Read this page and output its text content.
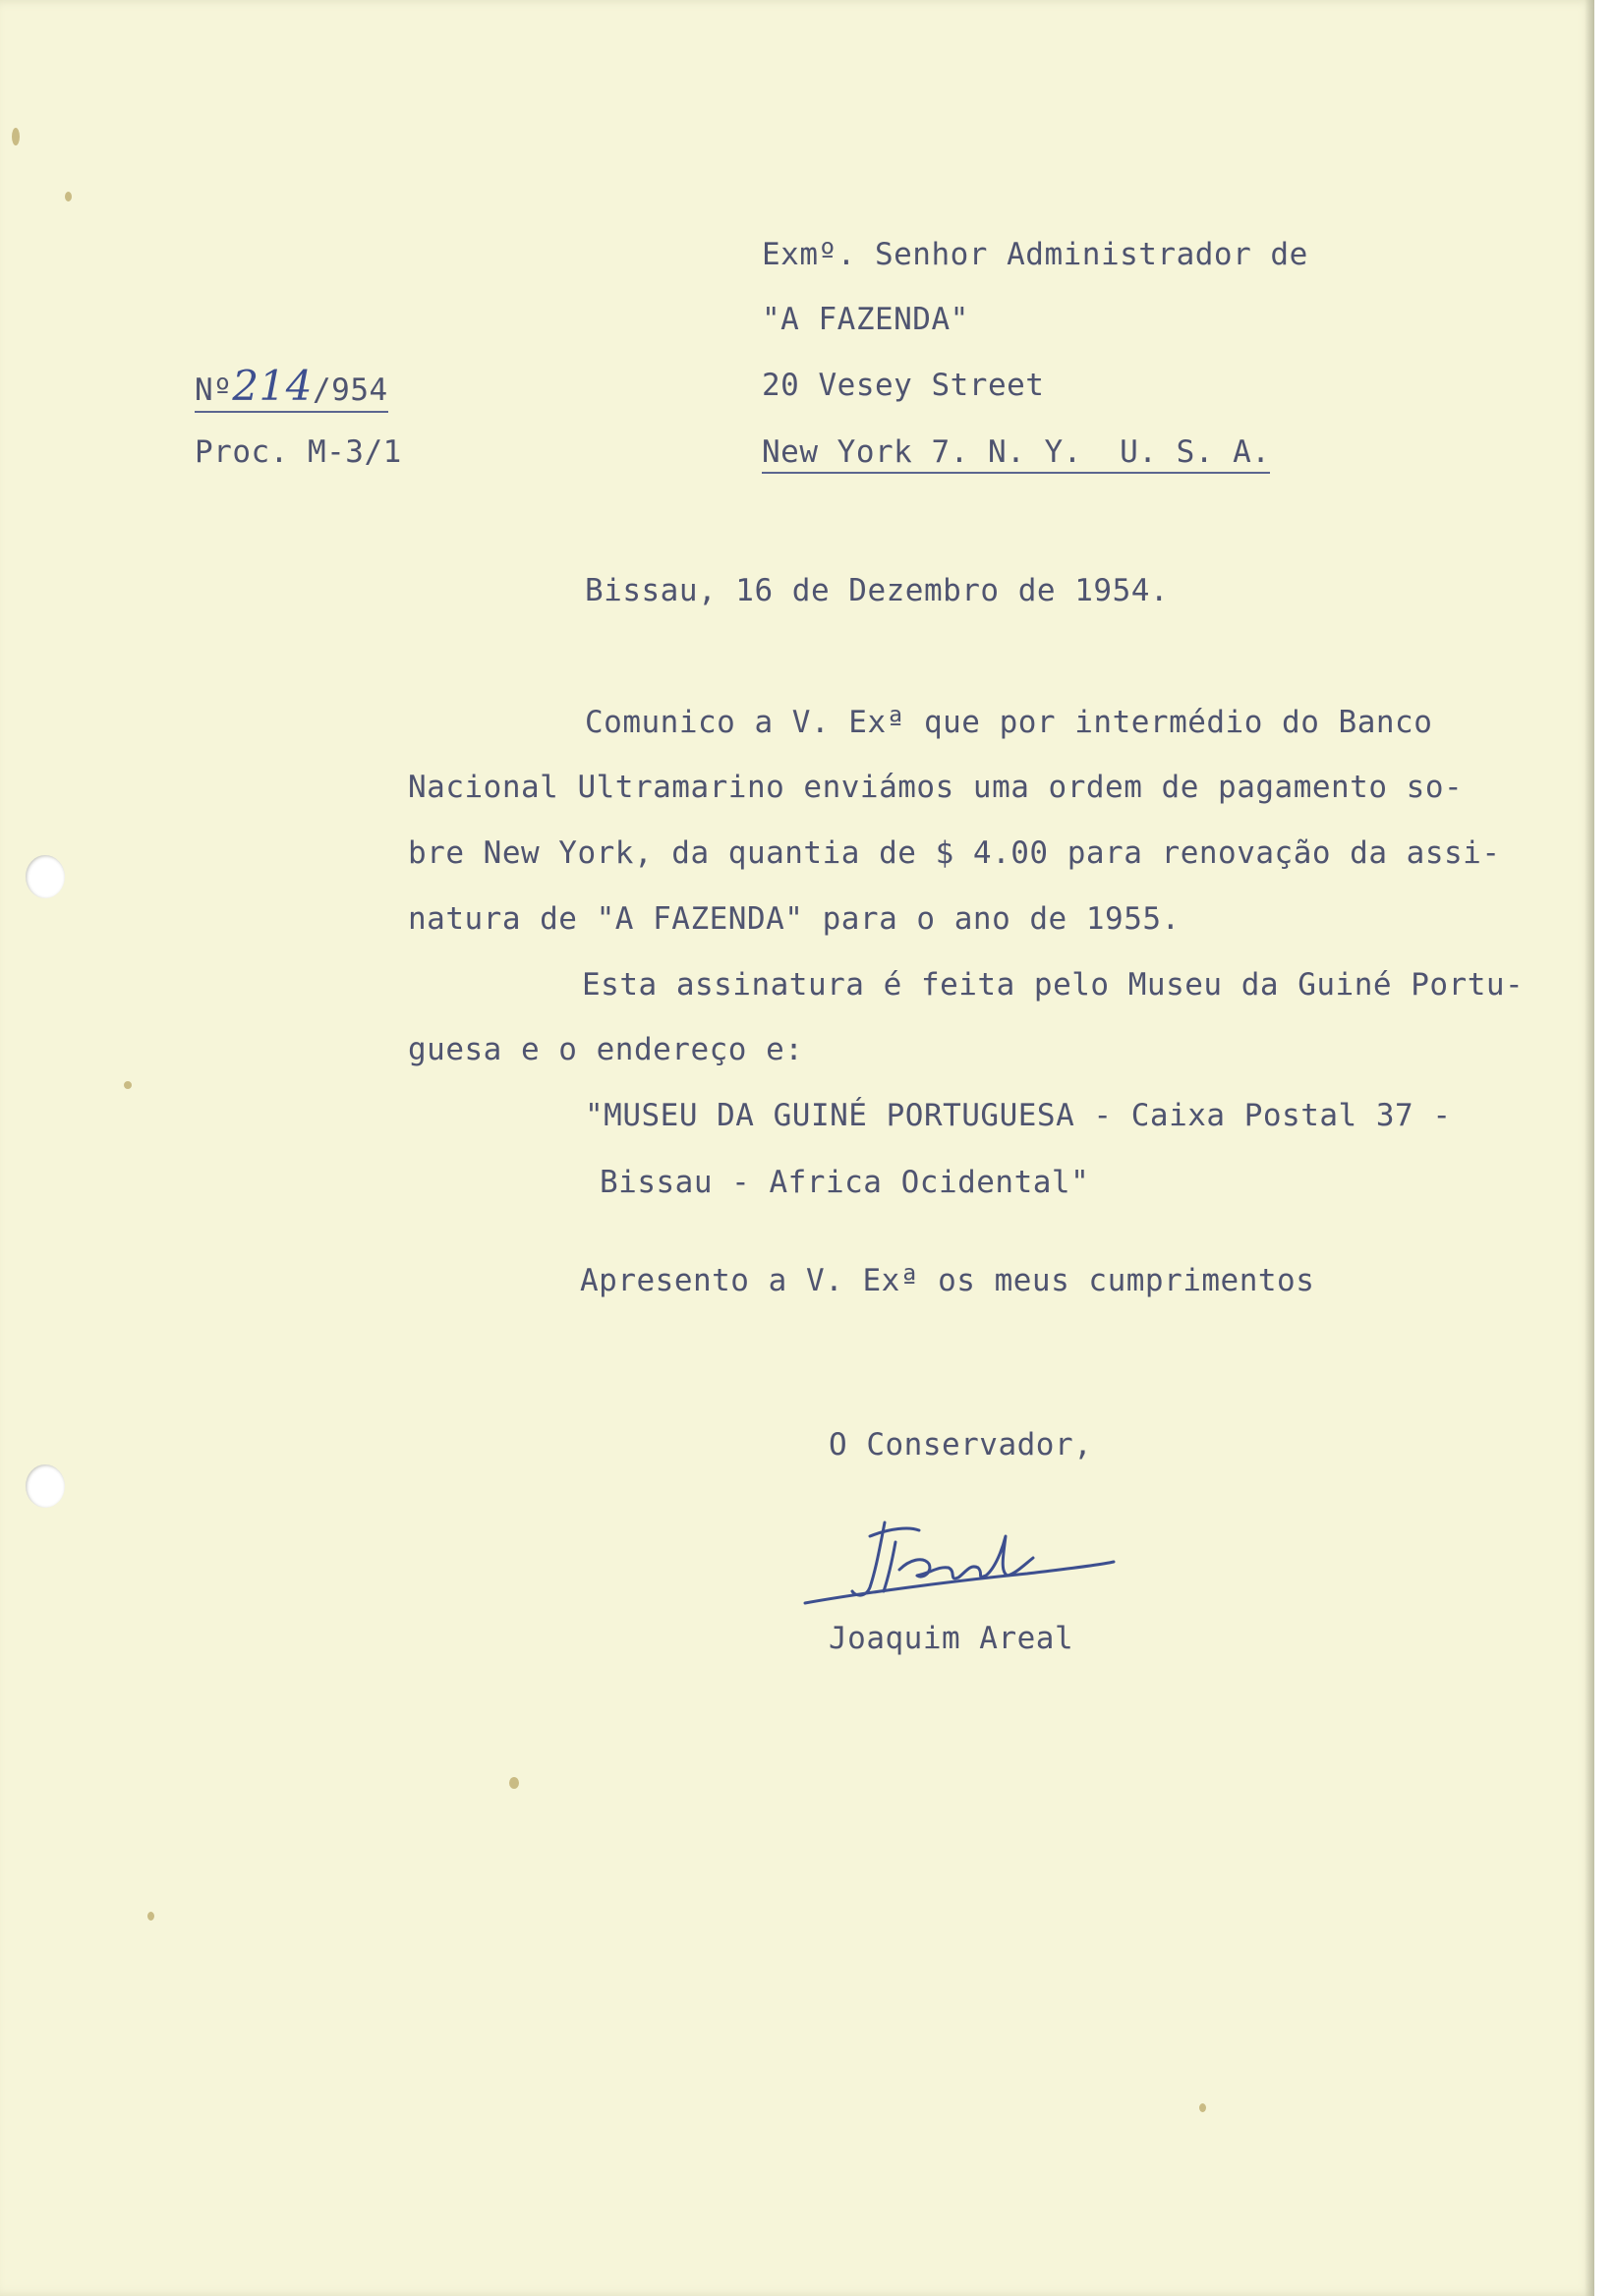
Exmº. Senhor Administrador de
"A FAZENDA"
20 Vesey Street
New York 7. N. Y.  U. S. A.
Nº214/954
Proc. M-3/1
Bissau, 16 de Dezembro de 1954.
Comunico a V. Exª que por intermédio do Banco
Nacional Ultramarino enviámos uma ordem de pagamento so-
bre New York, da quantia de $ 4.00 para renovação da assi-
natura de "A FAZENDA" para o ano de 1955.
Esta assinatura é feita pelo Museu da Guiné Portu-
guesa e o endereço e:
"MUSEU DA GUINÉ PORTUGUESA - Caixa Postal 37 -
Bissau - Africa Ocidental"
Apresento a V. Exª os meus cumprimentos
O Conservador,
Joaquim Areal
